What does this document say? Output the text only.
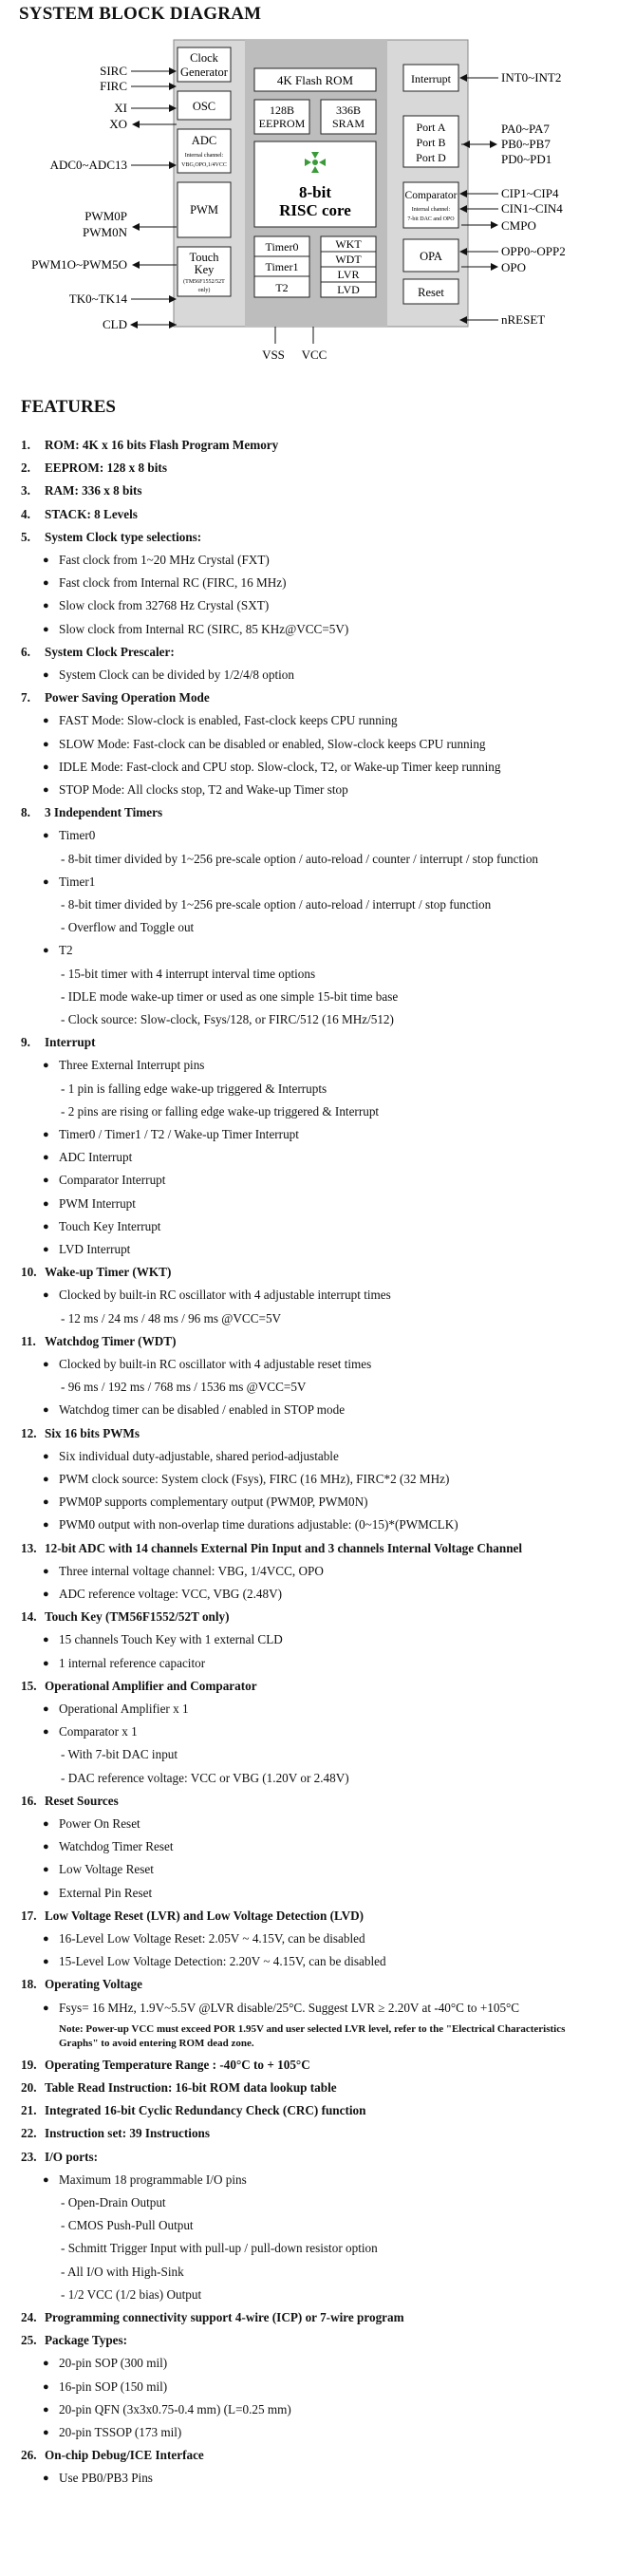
SYSTEM BLOCK DIAGRAM
Clock
Generator
OSC
ADC
Internal channel:
VBG,OPO,1/4VCC
PWM
Touch
Key
(TM56F1552/52T
only)
4K Flash ROM
128B
EEPROM
336B
SRAM
8-bit
RISC core
Timer0
Timer1
T2
WKT
WDT
LVR
LVD
Interrupt
Port A
Port B
Port D
Comparator
Internal channel:
7-bit DAC and OPO
OPA
Reset
SIRC
FIRC
XI
XO
ADC0~ADC13
PWM0P
PWM0N
PWM1O~PWM5O
TK0~TK14
CLD
INT0~INT2
PA0~PA7
PB0~PB7
PD0~PD1
CIP1~CIP4
CIN1~CIN4
CMPO
OPP0~OPP2
OPO
nRESET
VSS VCC
FEATURES
1. ROM: 4K x 16 bits Flash Program Memory
2. EEPROM: 128 x 8 bits
3. RAM: 336 x 8 bits
4. STACK: 8 Levels
5. System Clock type selections:
● Fast clock from 1~20 MHz Crystal (FXT)
● Fast clock from Internal RC (FIRC, 16 MHz)
● Slow clock from 32768 Hz Crystal (SXT)
● Slow clock from Internal RC (SIRC, 85 KHz@VCC=5V)
6. System Clock Prescaler:
● System Clock can be divided by 1/2/4/8 option
7. Power Saving Operation Mode
● FAST Mode: Slow-clock is enabled, Fast-clock keeps CPU running
● SLOW Mode: Fast-clock can be disabled or enabled, Slow-clock keeps CPU running
● IDLE Mode: Fast-clock and CPU stop. Slow-clock, T2, or Wake-up Timer keep running
● STOP Mode: All clocks stop, T2 and Wake-up Timer stop
8. 3 Independent Timers
● Timer0
- 8-bit timer divided by 1~256 pre-scale option / auto-reload / counter / interrupt / stop function
● Timer1
- 8-bit timer divided by 1~256 pre-scale option / auto-reload / interrupt / stop function
- Overflow and Toggle out
● T2
- 15-bit timer with 4 interrupt interval time options
- IDLE mode wake-up timer or used as one simple 15-bit time base
- Clock source: Slow-clock, Fsys/128, or FIRC/512 (16 MHz/512)
9. Interrupt
● Three External Interrupt pins
- 1 pin is falling edge wake-up triggered & Interrupts
- 2 pins are rising or falling edge wake-up triggered & Interrupt
● Timer0 / Timer1 / T2 / Wake-up Timer Interrupt
● ADC Interrupt
● Comparator Interrupt
● PWM Interrupt
● Touch Key Interrupt
● LVD Interrupt
10. Wake-up Timer (WKT)
● Clocked by built-in RC oscillator with 4 adjustable interrupt times
- 12 ms / 24 ms / 48 ms / 96 ms @VCC=5V
11. Watchdog Timer (WDT)
● Clocked by built-in RC oscillator with 4 adjustable reset times
- 96 ms / 192 ms / 768 ms / 1536 ms @VCC=5V
● Watchdog timer can be disabled / enabled in STOP mode
12. Six 16 bits PWMs
● Six individual duty-adjustable, shared period-adjustable
● PWM clock source: System clock (Fsys), FIRC (16 MHz), FIRC*2 (32 MHz)
● PWM0P supports complementary output (PWM0P, PWM0N)
● PWM0 output with non-overlap time durations adjustable: (0~15)*(PWMCLK)
13. 12-bit ADC with 14 channels External Pin Input and 3 channels Internal Voltage Channel
● Three internal voltage channel: VBG, 1/4VCC, OPO
● ADC reference voltage: VCC, VBG (2.48V)
14. Touch Key (TM56F1552/52T only)
● 15 channels Touch Key with 1 external CLD
● 1 internal reference capacitor
15. Operational Amplifier and Comparator
● Operational Amplifier x 1
● Comparator x 1
- With 7-bit DAC input
- DAC reference voltage: VCC or VBG (1.20V or 2.48V)
16. Reset Sources
● Power On Reset
● Watchdog Timer Reset
● Low Voltage Reset
● External Pin Reset
17. Low Voltage Reset (LVR) and Low Voltage Detection (LVD)
● 16-Level Low Voltage Reset: 2.05V ~ 4.15V, can be disabled
● 15-Level Low Voltage Detection: 2.20V ~ 4.15V, can be disabled
18. Operating Voltage
● Fsys= 16 MHz, 1.9V~5.5V @LVR disable/25°C. Suggest LVR ≥ 2.20V at -40°C to +105°C
Note: Power-up VCC must exceed POR 1.95V and user selected LVR level, refer to the "Electrical Characteristics Graphs" to avoid entering ROM dead zone.
19. Operating Temperature Range : -40°C to + 105°C
20. Table Read Instruction: 16-bit ROM data lookup table
21. Integrated 16-bit Cyclic Redundancy Check (CRC) function
22. Instruction set: 39 Instructions
23. I/O ports:
● Maximum 18 programmable I/O pins
- Open-Drain Output
- CMOS Push-Pull Output
- Schmitt Trigger Input with pull-up / pull-down resistor option
- All I/O with High-Sink
- 1/2 VCC (1/2 bias) Output
24. Programming connectivity support 4-wire (ICP) or 7-wire program
25. Package Types:
● 20-pin SOP (300 mil)
● 16-pin SOP (150 mil)
● 20-pin QFN (3x3x0.75-0.4 mm) (L=0.25 mm)
● 20-pin TSSOP (173 mil)
26. On-chip Debug/ICE Interface
● Use PB0/PB3 Pins
